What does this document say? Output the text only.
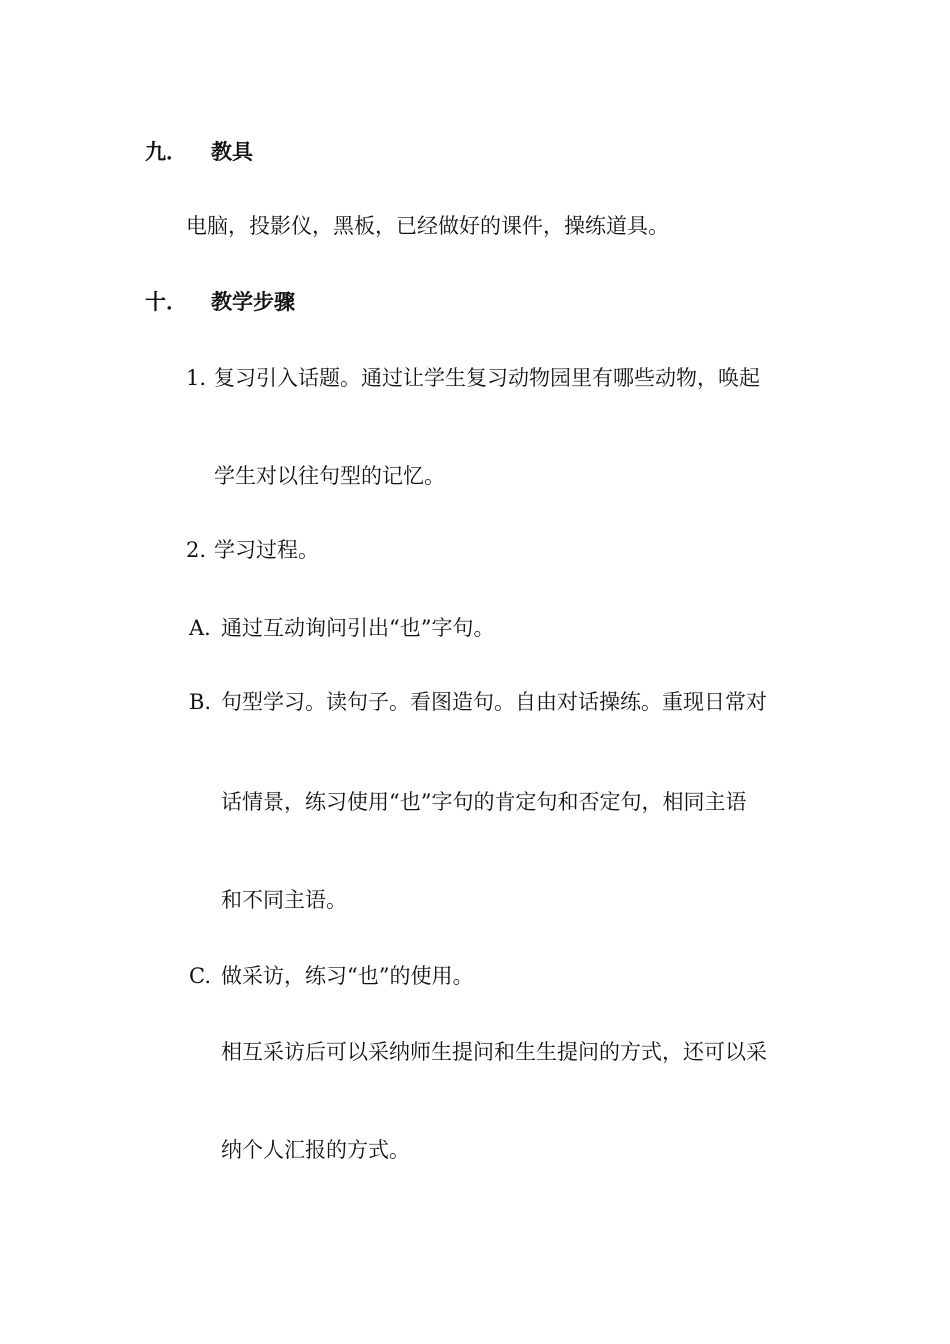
九． 教具
电脑，投影仪，黑板，已经做好的课件，操练道具。
十． 教学步骤
1. 复习引入话题。通过让学生复习动物园里有哪些动物，唤起
学生对以往句型的记忆。
2. 学习过程。
A. 通过互动询问引出“也”字句。
B. 句型学习。读句子。看图造句。自由对话操练。重现日常对
话情景，练习使用“也”字句的肯定句和否定句，相同主语
和不同主语。
C. 做采访，练习“也”的使用。
相互采访后可以采纳师生提问和生生提问的方式，还可以采
纳个人汇报的方式。
